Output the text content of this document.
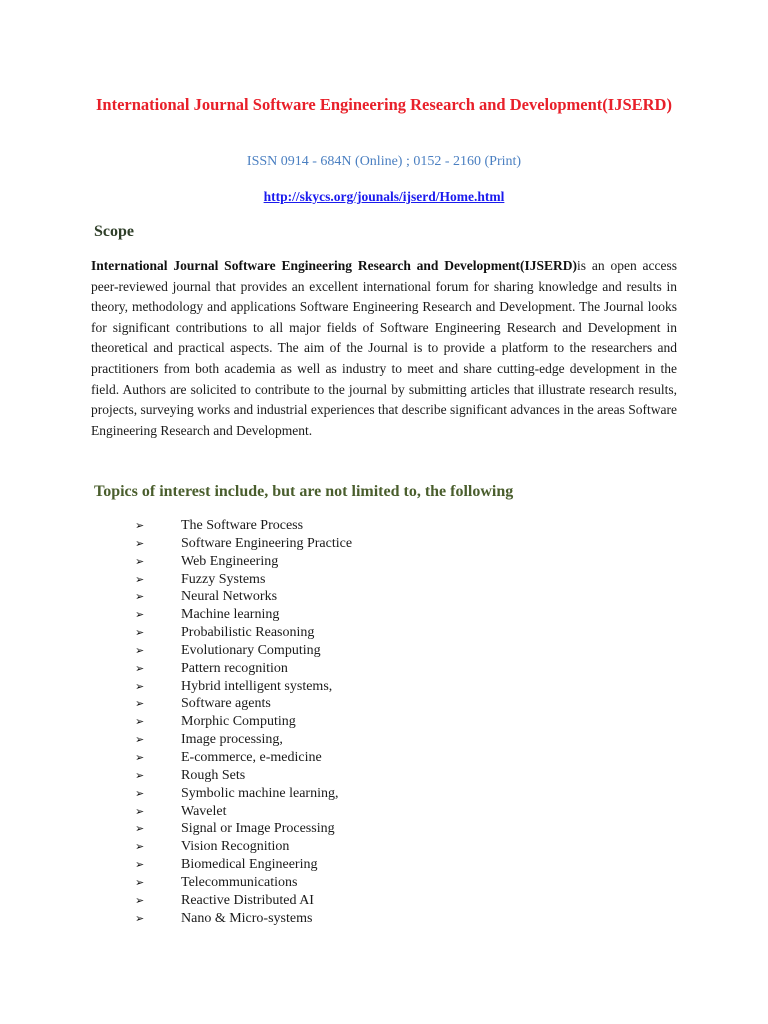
International Journal Software Engineering Research and Development(IJSERD)

ISSN 0914 - 684N (Online) ; 0152 - 2160 (Print)

http://skycs.org/jounals/ijserd/Home.html

Scope

International Journal Software Engineering Research and Development(IJSERD)is an open access peer-reviewed journal that provides an excellent international forum for sharing knowledge and results in theory, methodology and applications Software Engineering Research and Development. The Journal looks for significant contributions to all major fields of Software Engineering Research and Development in theoretical and practical aspects. The aim of the Journal is to provide a platform to the researchers and practitioners from both academia as well as industry to meet and share cutting-edge development in the field. Authors are solicited to contribute to the journal by submitting articles that illustrate research results, projects, surveying works and industrial experiences that describe significant advances in the areas Software Engineering Research and Development.

Topics of interest include, but are not limited to, the following
➢	The Software Process
➢	Software Engineering Practice
➢	Web Engineering
➢	Fuzzy Systems
➢	Neural Networks
➢	Machine learning
➢	Probabilistic Reasoning
➢	Evolutionary Computing
➢	Pattern recognition
➢	Hybrid intelligent systems,
➢	Software agents
➢	Morphic Computing
➢	Image processing,
➢	E-commerce, e-medicine
➢	Rough Sets
➢	Symbolic machine learning,
➢	Wavelet
➢	Signal or Image Processing
➢	Vision Recognition
➢	Biomedical Engineering
➢	Telecommunications
➢	Reactive Distributed AI
➢	Nano & Micro-systems
